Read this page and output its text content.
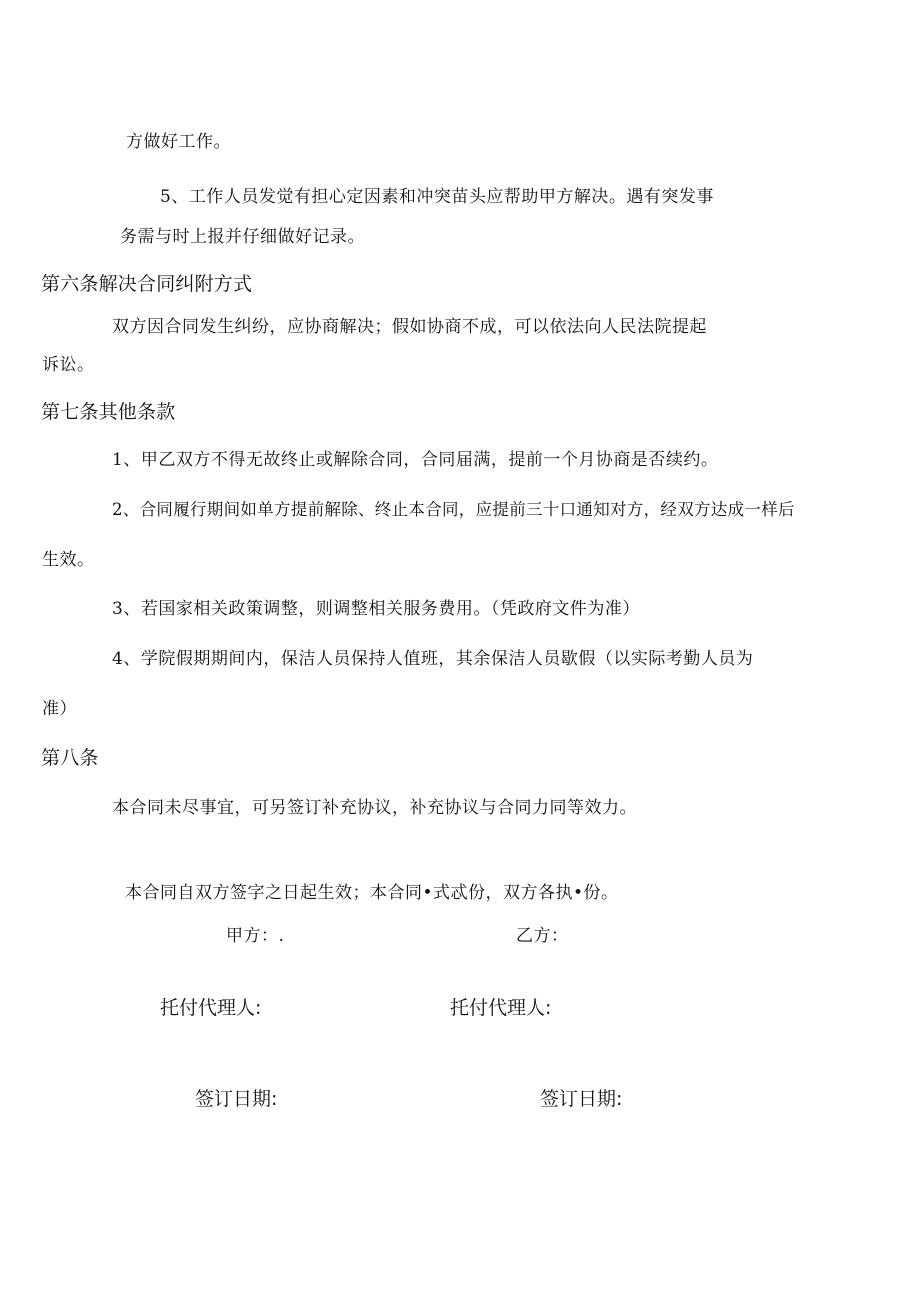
方做好工作。
5、工作人员发觉有担心定因素和冲突苗头应帮助甲方解决。遇有突发事
务需与时上报并仔细做好记录。
第六条解决合同纠附方式
双方因合同发生纠纷，应协商解决；假如协商不成，可以依法向人民法院提起
诉讼。
第七条其他条款
1、甲乙双方不得无故终止或解除合同，合同届满，提前一个月协商是否续约。
2、合同履行期间如单方提前解除、终止本合同，应提前三十口通知对方，经双方达成一样后
生效。
3、若国家相关政策调整，则调整相关服务费用。（凭政府文件为准）
4、学院假期期间内，保洁人员保持人值班，其余保洁人员歇假（以实际考勤人员为
准）
第八条
本合同未尽事宜，可另签订补充协议，补充协议与合同力同等效力。
本合同自双方签字之日起生效；本合同•式忒份，双方各执•份。
甲方：.	乙方：
托付代理人:	托付代理人:
签订日期:	签订日期:
